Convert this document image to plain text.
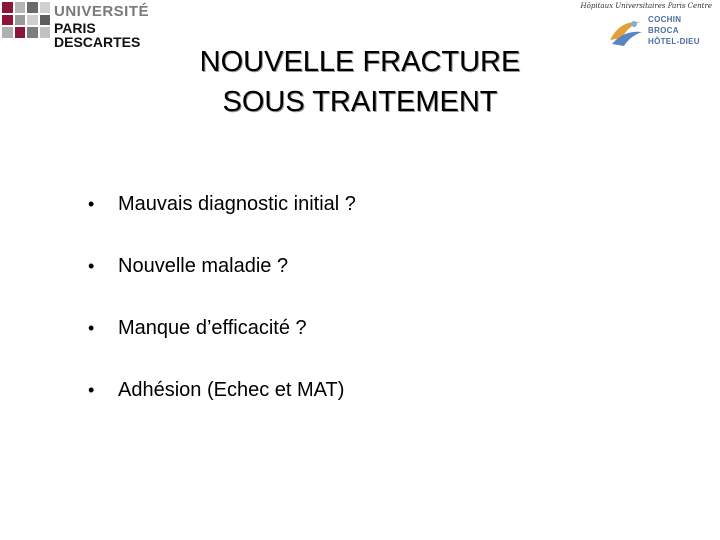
UNIVERSITÉ
PARIS DESCARTES
Hôpitaux Universitaires Paris Centre
COCHIN
BROCA
HÔTEL-DIEU
NOUVELLE FRACTURE
SOUS TRAITEMENT
• Mauvais diagnostic initial ?
• Nouvelle maladie ?
• Manque d’efficacité ?
• Adhésion (Echec et MAT)
